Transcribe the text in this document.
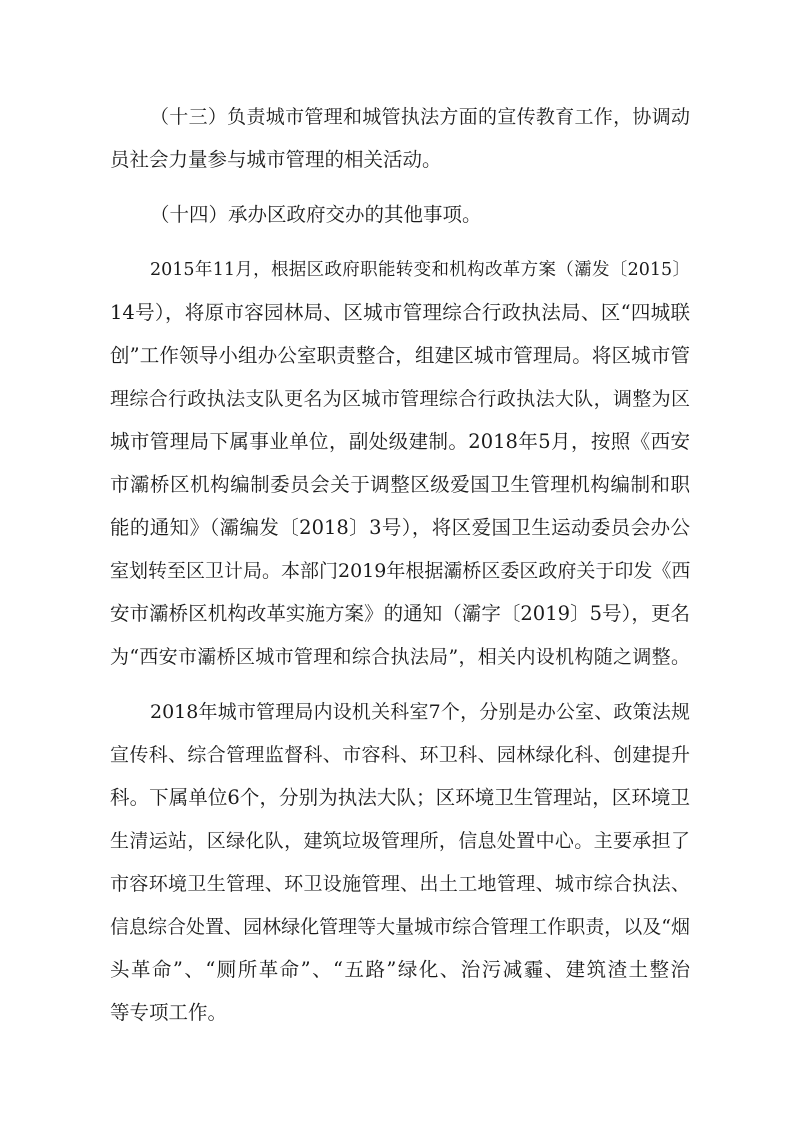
（十三）负责城市管理和城管执法方面的宣传教育工作，协调动
员社会力量参与城市管理的相关活动。
（十四）承办区政府交办的其他事项。
2015年11月，根据区政府职能转变和机构改革方案（灞发〔2015〕
14号），将原市容园林局、区城市管理综合行政执法局、区“四城联
创”工作领导小组办公室职责整合，组建区城市管理局。将区城市管
理综合行政执法支队更名为区城市管理综合行政执法大队，调整为区
城市管理局下属事业单位，副处级建制。2018年5月，按照《西安
市灞桥区机构编制委员会关于调整区级爱国卫生管理机构编制和职
能的通知》（灞编发〔2018〕3号），将区爱国卫生运动委员会办公
室划转至区卫计局。本部门2019年根据灞桥区委区政府关于印发《西
安市灞桥区机构改革实施方案》的通知（灞字〔2019〕5号），更名
为“西安市灞桥区城市管理和综合执法局”，相关内设机构随之调整。
2018年城市管理局内设机关科室7个，分别是办公室、政策法规
宣传科、综合管理监督科、市容科、环卫科、园林绿化科、创建提升
科。下属单位6个，分别为执法大队；区环境卫生管理站，区环境卫
生清运站，区绿化队，建筑垃圾管理所，信息处置中心。主要承担了
市容环境卫生管理、环卫设施管理、出土工地管理、城市综合执法、
信息综合处置、园林绿化管理等大量城市综合管理工作职责，以及“烟
头革命”、“厕所革命”、“五路”绿化、治污减霾、建筑渣土整治
等专项工作。
